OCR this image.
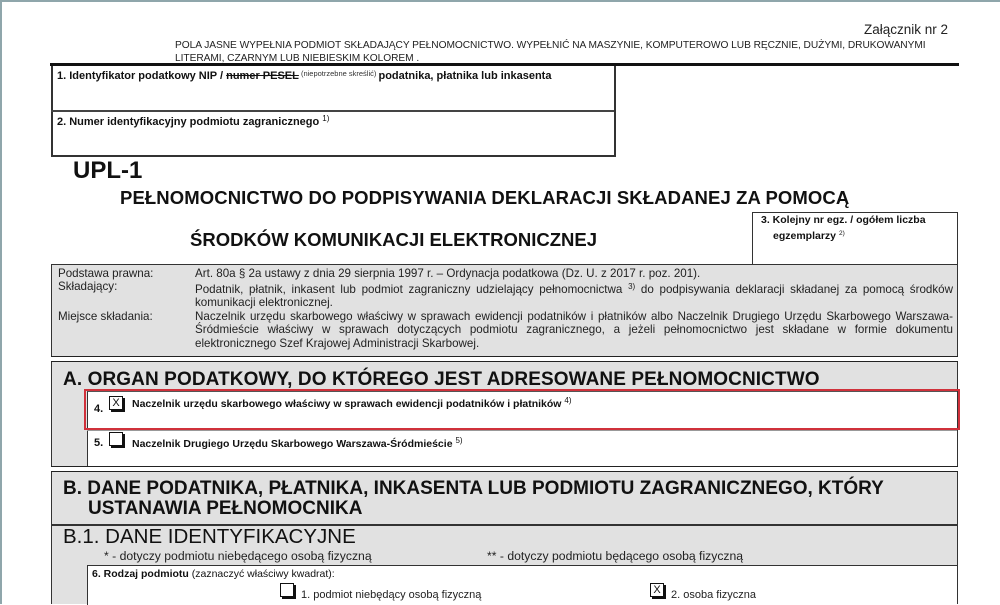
Załącznik nr 2
POLA JASNE WYPEŁNIA PODMIOT SKŁADAJĄCY PEŁNOMOCNICTWO. WYPEŁNIĆ NA MASZYNIE, KOMPUTEROWO LUB RĘCZNIE, DUŻYMI, DRUKOWANYMI LITERAMI, CZARNYM LUB NIEBIESKIM KOLOREM .
1. Identyfikator podatkowy NIP / numer PESEL $^{(niepotrzebne skreślić)}$ podatnika, płatnika lub inkasenta
2. Numer identyfikacyjny podmiotu zagranicznego $^{1)}$
UPL-1
PEŁNOMOCNICTWO DO PODPISYWANIA DEKLARACJI SKŁADANEJ ZA POMOCĄ
ŚRODKÓW KOMUNIKACJI ELEKTRONICZNEJ
3. Kolejny nr egz. / ogółem liczba
egzemplarzy $^{2)}$
Podstawa prawna:	Art. 80a § 2a ustawy z dnia 29 sierpnia 1997 r. – Ordynacja podatkowa (Dz. U. z 2017 r. poz. 201).
Składający:	Podatnik, płatnik, inkasent lub podmiot zagraniczny udzielający pełnomocnictwa $^{3)}$ do podpisywania deklaracji składanej za pomocą środków komunikacji elektronicznej.
Miejsce składania:	Naczelnik urzędu skarbowego właściwy w sprawach ewidencji podatników i płatników albo Naczelnik Drugiego Urzędu Skarbowego Warszawa-Śródmieście właściwy w sprawach dotyczących podmiotu zagranicznego, a jeżeli pełnomocnictwo jest składane w formie dokumentu elektronicznego Szef Krajowej Administracji Skarbowej.
A. ORGAN PODATKOWY, DO KTÓREGO JEST ADRESOWANE PEŁNOMOCNICTWO
4. X	Naczelnik urzędu skarbowego właściwy w sprawach ewidencji podatników i płatników $^{4)}$
5.	Naczelnik Drugiego Urzędu Skarbowego Warszawa-Śródmieście $^{5)}$
B. DANE PODATNIKA, PŁATNIKA, INKASENTA LUB PODMIOTU ZAGRANICZNEGO, KTÓRY
USTANAWIA PEŁNOMOCNIKA
B.1. DANE IDENTYFIKACYJNE
* - dotyczy podmiotu niebędącego osobą fizyczną	** - dotyczy podmiotu będącego osobą fizyczną
6. Rodzaj podmiotu (zaznaczyć właściwy kwadrat):
1. podmiot niebędący osobą fizyczną	X 2. osoba fizyczna
